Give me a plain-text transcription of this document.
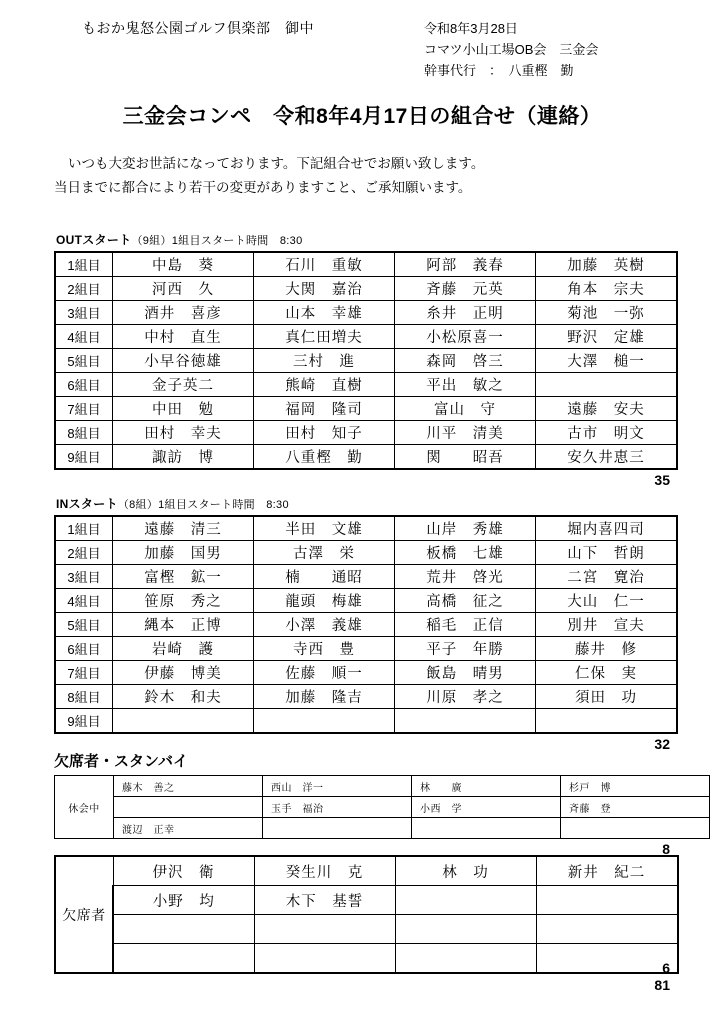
もおか鬼怒公園ゴルフ倶楽部　御中	令和8年3月28日
コマツ小山工場OB会　三金会
幹事代行　：　八重樫　勤
三金会コンペ　令和8年4月17日の組合せ（連絡）
いつも大変お世話になっております。下記組合せでお願い致します。
当日までに都合により若干の変更がありますこと、ご承知願います。
OUTスタート（9組）1組目スタート時間　8:30
1組目	中島　葵	石川　重敏	阿部　義春	加藤　英樹
2組目	河西　久	大関　嘉治	斉藤　元英	角本　宗夫
3組目	酒井　喜彦	山本　幸雄	糸井　正明	菊池　一弥
4組目	中村　直生	真仁田増夫	小松原喜一	野沢　定雄
5組目	小早谷徳雄	三村　進	森岡　啓三	大澤　槌一
6組目	金子英二	熊崎　直樹	平出　敏之	
7組目	中田　勉	福岡　隆司	富山　守	遠藤　安夫
8組目	田村　幸夫	田村　知子	川平　清美	古市　明文
9組目	諏訪　博	八重樫　勤	関　　昭吾	安久井恵三
35
INスタート（8組）1組目スタート時間　8:30
1組目	遠藤　清三	半田　文雄	山岸　秀雄	堀内喜四司
2組目	加藤　国男	古澤　栄	板橋　七雄	山下　哲朗
3組目	富樫　鉱一	楠　　通昭	荒井　啓光	二宮　寛治
4組目	笹原　秀之	龍頭　梅雄	高橋　征之	大山　仁一
5組目	縄本　正博	小澤　義雄	稲毛　正信	別井　宣夫
6組目	岩崎　護	寺西　豊	平子　年勝	藤井　修
7組目	伊藤　博美	佐藤　順一	飯島　晴男	仁保　実
8組目	鈴木　和夫	加藤　隆吉	川原　孝之	須田　功
9組目				
32
欠席者・スタンバイ
休会中	藤木　善之	西山　洋一	林　　廣	杉戸　博
		玉手　福治	小西　学	斉藤　登
	渡辺　正幸			
8
欠席者	伊沢　衛	癸生川　克	林　功	新井　紀二
	小野　均	木下　基誓		

6
81
